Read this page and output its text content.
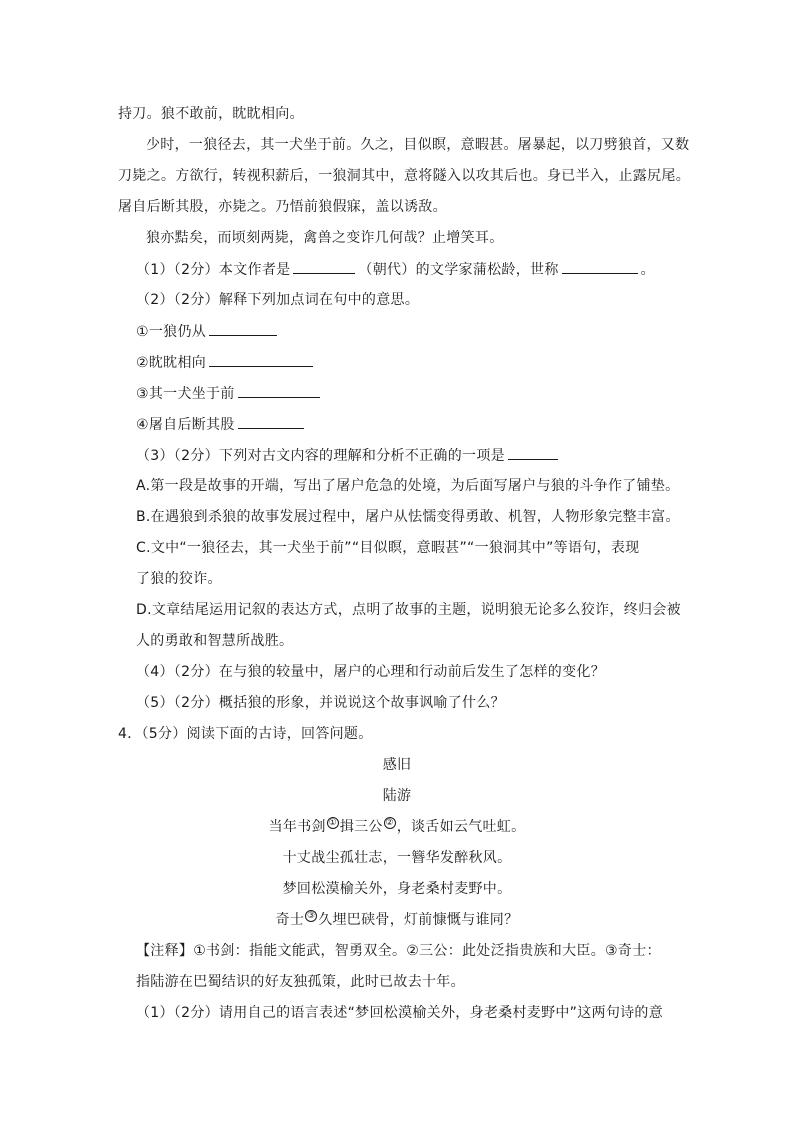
持刀。狼不敢前，眈眈相向。
少时，一狼径去，其一犬坐于前。久之，目似瞑，意暇甚。屠暴起，以刀劈狼首，又数
刀毙之。方欲行，转视积薪后，一狼洞其中，意将隧入以攻其后也。身已半入，止露尻尾。
屠自后断其股，亦毙之。乃悟前狼假寐，盖以诱敌。
狼亦黠矣，而顷刻两毙，禽兽之变诈几何哉？止增笑耳。
（1）（2分）本文作者是	（朝代）的文学家蒲松龄，世称	。
（2）（2分）解释下列加点词在句中的意思。
①一狼仍从
②眈眈相向
③其一犬坐于前
④屠自后断其股
（3）（2分）下列对古文内容的理解和分析不正确的一项是
A.第一段是故事的开端，写出了屠户危急的处境，为后面写屠户与狼的斗争作了铺垫。
B.在遇狼到杀狼的故事发展过程中，屠户从怯懦变得勇敢、机智，人物形象完整丰富。
C.文中“一狼径去，其一犬坐于前”“目似瞑，意暇甚”“一狼洞其中”等语句，表现
了狼的狡诈。
D.文章结尾运用记叙的表达方式，点明了故事的主题，说明狼无论多么狡诈，终归会被
人的勇敢和智慧所战胜。
（4）（2分）在与狼的较量中，屠户的心理和行动前后发生了怎样的变化？
（5）（2分）概括狼的形象，并说说这个故事讽喻了什么？
4．（5分）阅读下面的古诗，回答问题。
感旧
陆游
当年书剑 ① 揖三公 ② ，谈舌如云气吐虹。
十丈战尘孤壮志，一簪华发醉秋风。
梦回松漠榆关外，身老桑村麦野中。
奇士 ③ 久埋巴硖骨，灯前慷慨与谁同？
【注释】①书剑：指能文能武，智勇双全。②三公：此处泛指贵族和大臣。③奇士：
指陆游在巴蜀结识的好友独孤策，此时已故去十年。
（1）（2分）请用自己的语言表述“梦回松漠榆关外，身老桑村麦野中”这两句诗的意
